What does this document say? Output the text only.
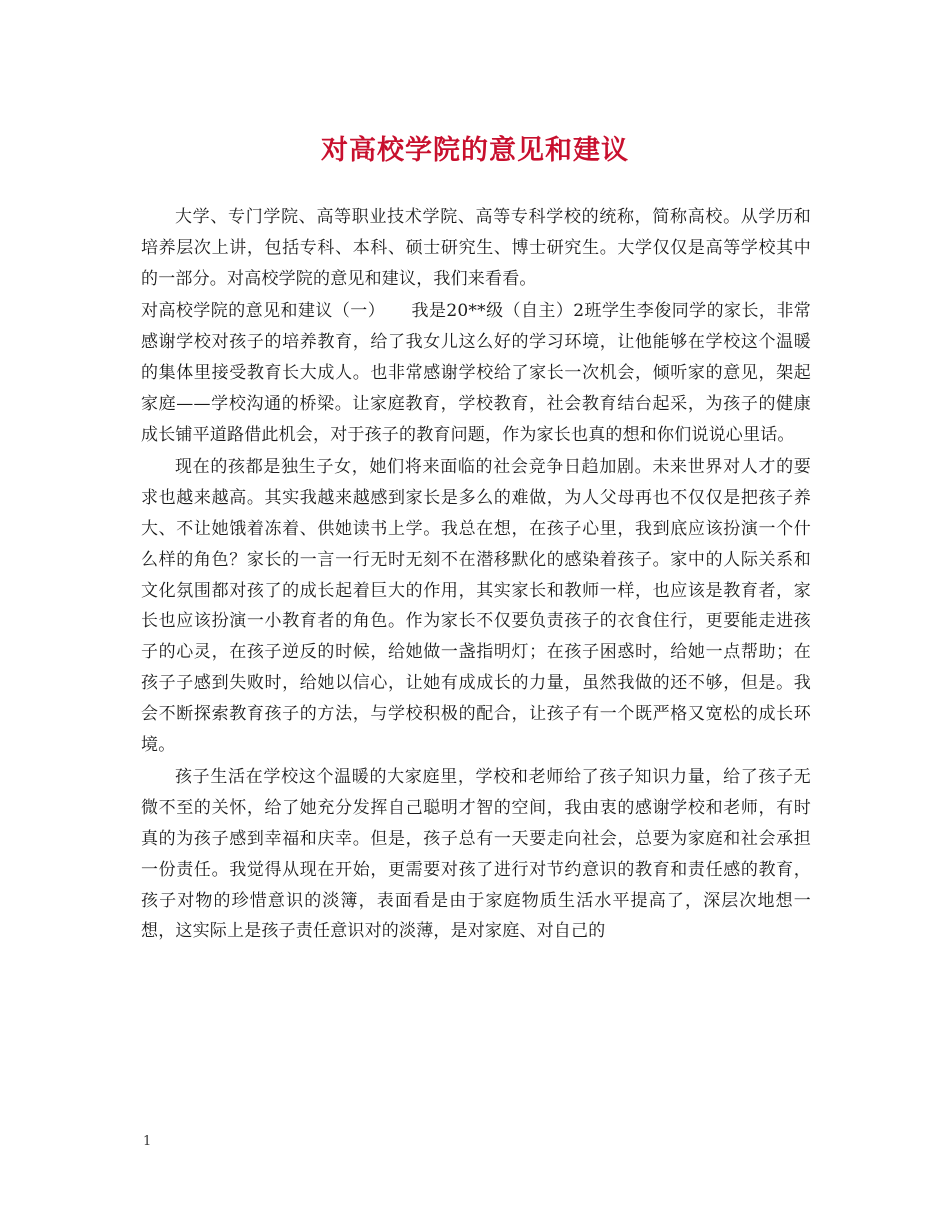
对高校学院的意见和建议

大学、专门学院、高等职业技术学院、高等专科学校的统称，简称高校。从学历和培养层次上讲，包括专科、本科、硕士研究生、博士研究生。大学仅仅是高等学校其中的一部分。对高校学院的意见和建议，我们来看看。

对高校学院的意见和建议（一）　　我是20**级（自主）2班学生李俊同学的家长，非常感谢学校对孩子的培养教育，给了我女儿这么好的学习环境，让他能够在学校这个温暖的集体里接受教育长大成人。也非常感谢学校给了家长一次机会，倾听家的意见，架起家庭——学校沟通的桥梁。让家庭教育，学校教育，社会教育结台起采，为孩子的健康成长铺平道路借此机会，对于孩子的教育问题，作为家长也真的想和你们说说心里话。

现在的孩都是独生子女，她们将来面临的社会竞争日趋加剧。未来世界对人才的要求也越来越高。其实我越来越感到家长是多么的难做，为人父母再也不仅仅是把孩子养大、不让她饿着冻着、供她读书上学。我总在想，在孩子心里，我到底应该扮演一个什么样的角色？家长的一言一行无时无刻不在潜移默化的感染着孩子。家中的人际关系和文化氛围都对孩了的成长起着巨大的作用，其实家长和教师一样，也应该是教育者，家长也应该扮演一小教育者的角色。作为家长不仅要负责孩子的衣食住行，更要能走进孩子的心灵，在孩子逆反的时候，给她做一盏指明灯；在孩子困惑时，给她一点帮助；在孩子子感到失败时，给她以信心，让她有成成长的力量，虽然我做的还不够，但是。我会不断探索教育孩子的方法，与学校积极的配合，让孩子有一个既严格又宽松的成长环境。

孩子生活在学校这个温暖的大家庭里，学校和老师给了孩子知识力量，给了孩子无微不至的关怀，给了她充分发挥自己聪明才智的空间，我由衷的感谢学校和老师，有时真的为孩子感到幸福和庆幸。但是，孩子总有一天要走向社会，总要为家庭和社会承担一份责任。我觉得从现在开始，更需要对孩了进行对节约意识的教育和责任感的教育，孩子对物的珍惜意识的淡簿，表面看是由于家庭物质生活水平提高了，深层次地想一想，这实际上是孩子责任意识对的淡薄，是对家庭、对自己的

1
